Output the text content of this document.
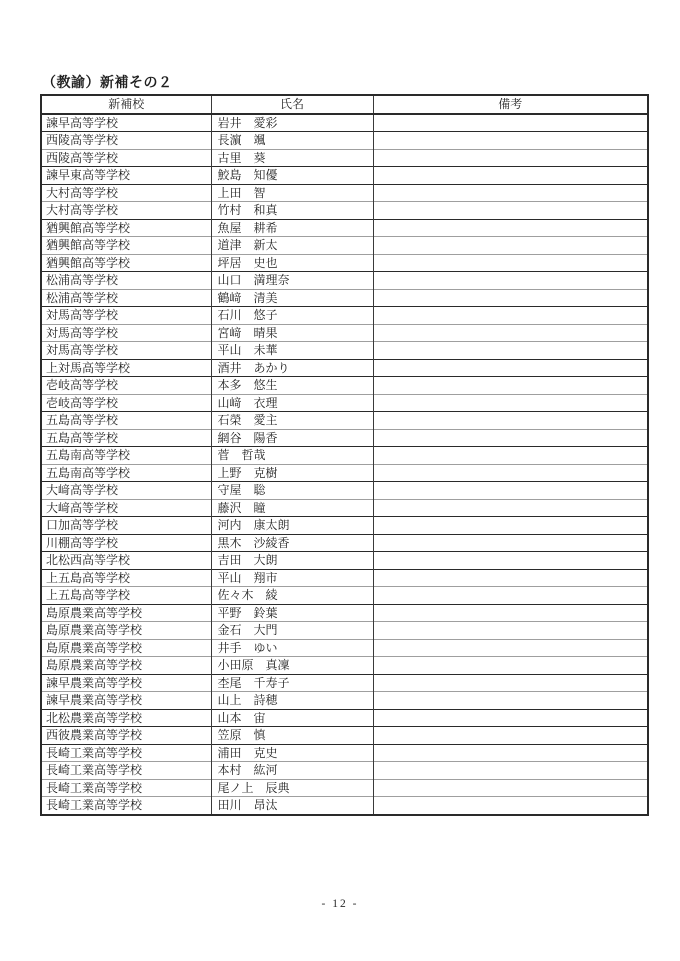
（教諭）新補その２
新補校	氏名	備考
諫早高等学校	岩井　愛彩	
西陵高等学校	長濵　颯	
西陵高等学校	古里　葵	
諫早東高等学校	鮫島　知優	
大村高等学校	上田　智	
大村高等学校	竹村　和真	
猶興館高等学校	魚屋　耕希	
猶興館高等学校	道津　新太	
猶興館高等学校	坪居　史也	
松浦高等学校	山口　満理奈	
松浦高等学校	鶴﨑　清美	
対馬高等学校	石川　悠子	
対馬高等学校	宮﨑　晴果	
対馬高等学校	平山　未華	
上対馬高等学校	酒井　あかり	
壱岐高等学校	本多　悠生	
壱岐高等学校	山﨑　衣理	
五島高等学校	石榮　愛主	
五島高等学校	網谷　陽香	
五島南高等学校	菅　哲哉	
五島南高等学校	上野　克樹	
大﨑高等学校	守屋　聡	
大﨑高等学校	藤沢　瞳	
口加高等学校	河内　康太朗	
川棚高等学校	黒木　沙綾香	
北松西高等学校	吉田　大朗	
上五島高等学校	平山　翔市	
上五島高等学校	佐々木　綾	
島原農業高等学校	平野　鈴葉	
島原農業高等学校	金石　大門	
島原農業高等学校	井手　ゆい	
島原農業高等学校	小田原　真凜	
諫早農業高等学校	杢尾　千寿子	
諫早農業高等学校	山上　詩穂	
北松農業高等学校	山本　宙	
西彼農業高等学校	笠原　慎	
長崎工業高等学校	浦田　克史	
長崎工業高等学校	本村　紘河	
長崎工業高等学校	尾ノ上　辰典	
長崎工業高等学校	田川　昂汰	
- 12 -
